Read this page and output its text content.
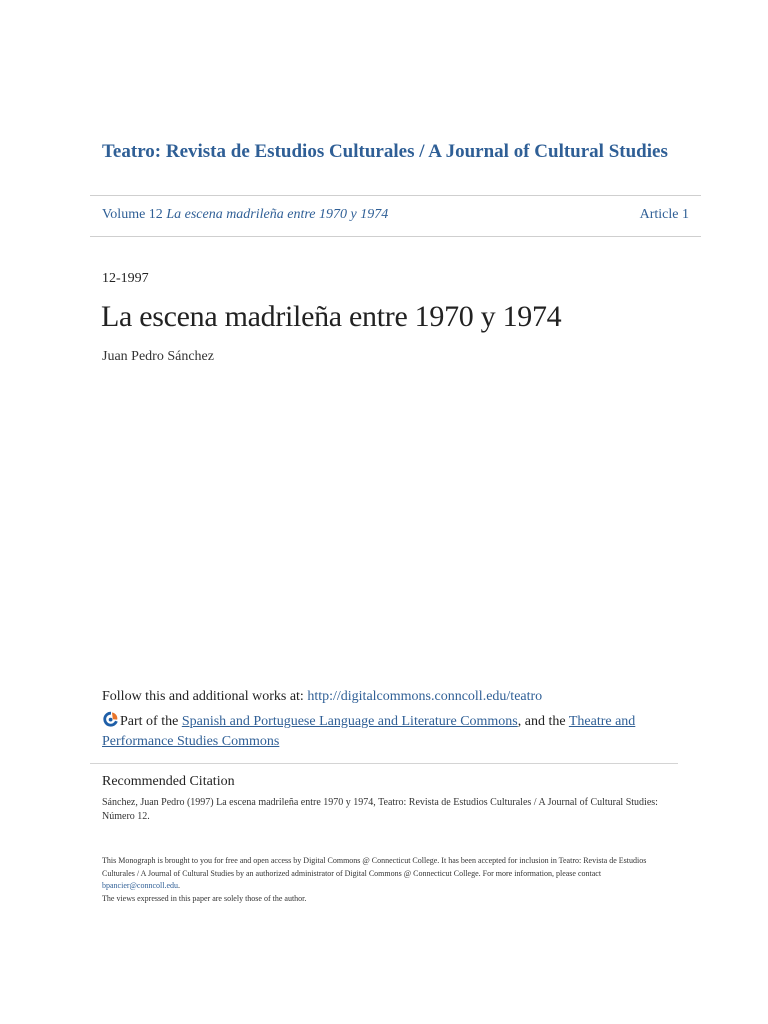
Teatro: Revista de Estudios Culturales / A Journal of Cultural Studies
Volume 12 La escena madrileña entre 1970 y 1974	Article 1
12-1997
La escena madrileña entre 1970 y 1974
Juan Pedro Sánchez
Follow this and additional works at: http://digitalcommons.conncoll.edu/teatro
Part of the Spanish and Portuguese Language and Literature Commons, and the Theatre and Performance Studies Commons
Recommended Citation
Sánchez, Juan Pedro (1997) La escena madrileña entre 1970 y 1974, Teatro: Revista de Estudios Culturales / A Journal of Cultural Studies: Número 12.
This Monograph is brought to you for free and open access by Digital Commons @ Connecticut College. It has been accepted for inclusion in Teatro: Revista de Estudios Culturales / A Journal of Cultural Studies by an authorized administrator of Digital Commons @ Connecticut College. For more information, please contact bpancier@conncoll.edu.
The views expressed in this paper are solely those of the author.
